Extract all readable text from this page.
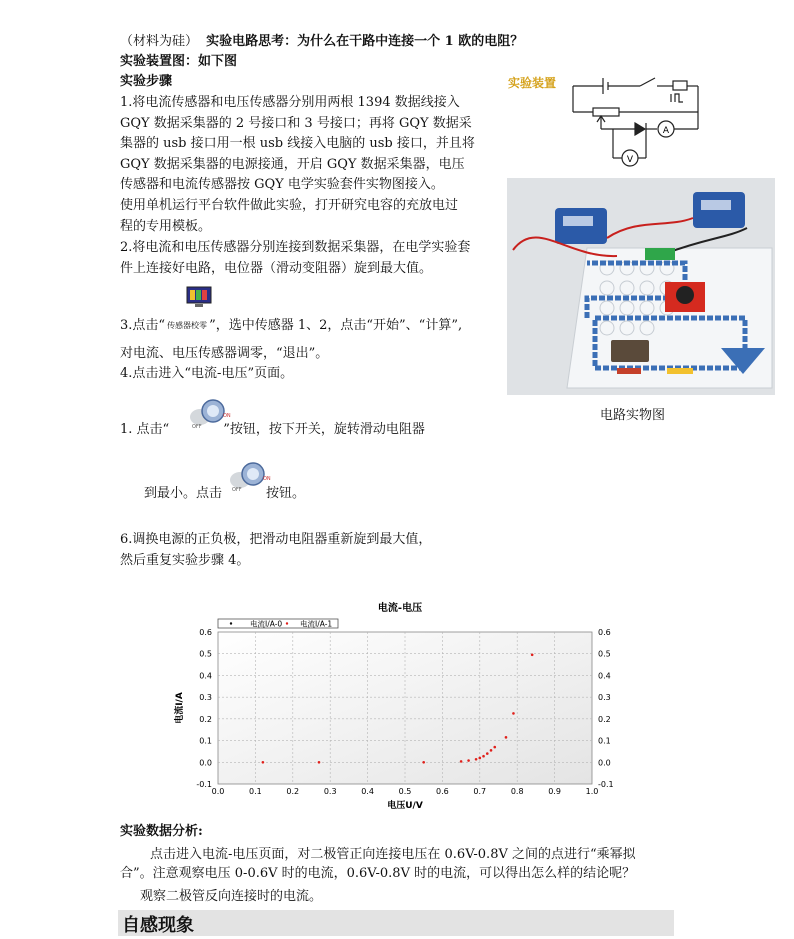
（材料为硅） 实验电路思考：为什么在干路中连接一个 1 欧的电阻？
实验装置图：如下图
实验步骤
1.将电流传感器和电压传感器分别用两根 1394 数据线接入
GQY 数据采集器的 2 号接口和 3 号接口；再将 GQY 数据采
集器的 usb 接口用一根 usb 线接入电脑的 usb 接口，并且将
GQY 数据采集器的电源接通，开启 GQY 数据采集器，电压
传感器和电流传感器按 GQY 电学实验套件实物图接入。
使用单机运行平台软件做此实验，打开研究电容的充放电过
程的专用模板。
2.将电流和电压传感器分别连接到数据采集器，在电学实验套
件上连接好电路，电位器（滑动变阻器）旋到最大值。
3.点击“ 传感器校零 ”，选中传感器 1、2，点击“开始”、“计算”,
对电流、电压传感器调零，“退出”。
4.点击进入“电流-电压”页面。
OFF
ON
1. 点击“	”按钮，按下开关，旋转滑动电阻器
OFF
ON
到最小。点击	按钮。
6.调换电源的正负极，把滑动电阻器重新旋到最大值，
然后重复实验步骤 4。
实验装置
A
V
电路实物图
电流-电压
电流I/A-0 电流I/A-1
0.0	0.1	0.2	0.3	0.4	0.5	0.6	0.7	0.8	0.9	1.0
0.6	0.6
0.5	0.5
0.4	0.4
0.3	0.3
0.2	0.2
0.1	0.1
0.0	0.0
-0.1	-0.1
电压U/V
电流I/A
实验数据分析:
点击进入电流-电压页面，对二极管正向连接电压在 0.6V-0.8V 之间的点进行“乘幂拟
合”。注意观察电压 0-0.6V 时的电流，0.6V-0.8V 时的电流，可以得出怎么样的结论呢？
观察二极管反向连接时的电流。
自感现象
